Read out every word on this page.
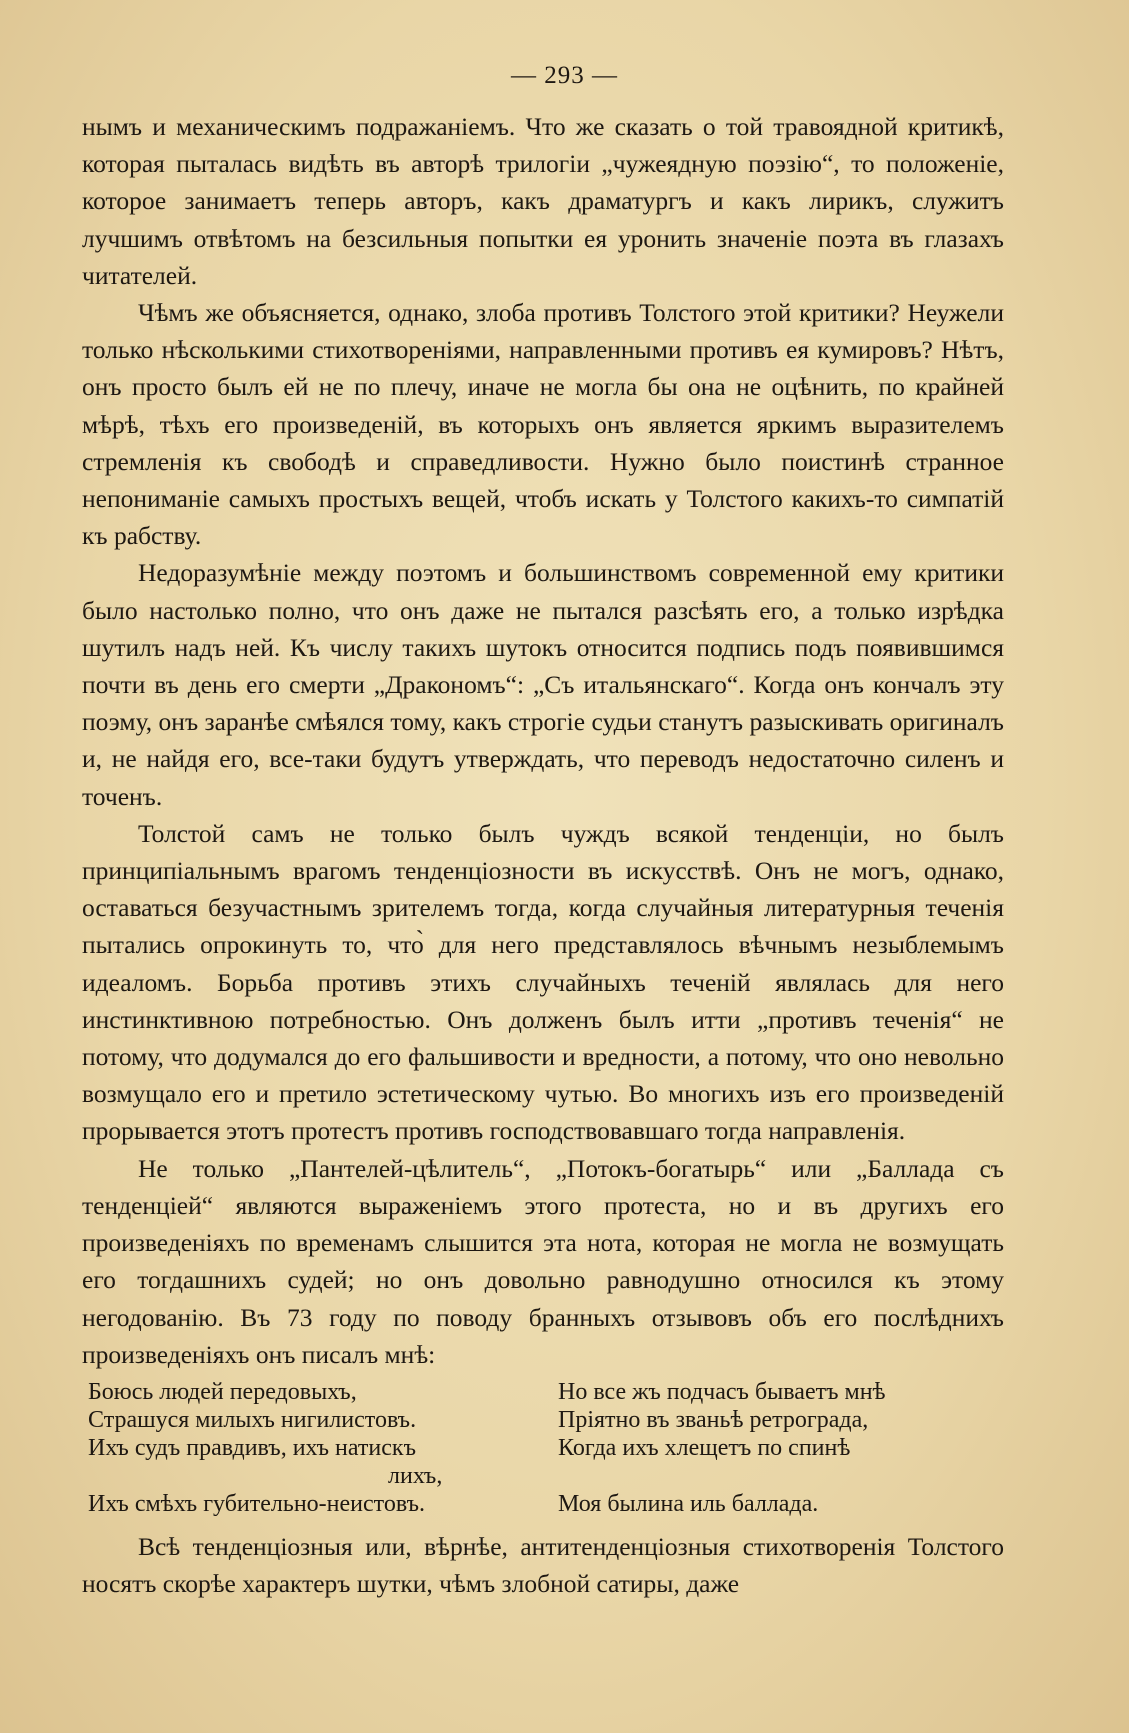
— 293 —

нымъ и механическимъ подражаніемъ. Что же сказать о той травоядной критикѣ, которая пыталась видѣть въ авторѣ трилогіи „чужеядную поэзію“, то положеніе, которое занимаетъ теперь авторъ, какъ драматургъ и какъ лирикъ, служитъ лучшимъ отвѣтомъ на безсильныя попытки ея уронить значеніе поэта въ глазахъ читателей.

Чѣмъ же объясняется, однако, злоба противъ Толстого этой критики? Неужели только нѣсколькими стихотвореніями, направленными противъ ея кумировъ? Нѣтъ, онъ просто былъ ей не по плечу, иначе не могла бы она не оцѣнить, по крайней мѣрѣ, тѣхъ его произведеній, въ которыхъ онъ является яркимъ выразителемъ стремленія къ свободѣ и справедливости. Нужно было поистинѣ странное непониманіе самыхъ простыхъ вещей, чтобъ искать у Толстого какихъ-то симпатій къ рабству.

Недоразумѣніе между поэтомъ и большинствомъ современной ему критики было настолько полно, что онъ даже не пытался разсѣять его, а только изрѣдка шутилъ надъ ней. Къ числу такихъ шутокъ относится подпись подъ появившимся почти въ день его смерти „Дракономъ“: „Съ итальянскаго“. Когда онъ кончалъ эту поэму, онъ заранѣе смѣялся тому, какъ строгіе судьи станутъ разыскивать оригиналъ и, не найдя его, все-таки будутъ утверждать, что переводъ недостаточно силенъ и точенъ.

Толстой самъ не только былъ чуждъ всякой тенденціи, но былъ принципіальнымъ врагомъ тенденціозности въ искусствѣ. Онъ не могъ, однако, оставаться безучастнымъ зрителемъ тогда, когда случайныя литературныя теченія пытались опрокинуть то, что̀ для него представлялось вѣчнымъ незыблемымъ идеаломъ. Борьба противъ этихъ случайныхъ теченій являлась для него инстинктивною потребностью. Онъ долженъ былъ итти „противъ теченія“ не потому, что додумался до его фальшивости и вредности, а потому, что оно невольно возмущало его и претило эстетическому чутью. Во многихъ изъ его произведеній прорывается этотъ протестъ противъ господствовавшаго тогда направленія.

Не только „Пантелей-цѣлитель“, „Потокъ-богатырь“ или „Баллада съ тенденціей“ являются выраженіемъ этого протеста, но и въ другихъ его произведеніяхъ по временамъ слышится эта нота, которая не могла не возмущать его тогдашнихъ судей; но онъ довольно равнодушно относился къ этому негодованію. Въ 73 году по поводу бранныхъ отзывовъ объ его послѣднихъ произведеніяхъ онъ писалъ мнѣ:

Боюсь людей передовыхъ,
Страшуся милыхъ нигилистовъ.
Ихъ судъ правдивъ, ихъ натискъ
лихъ,
Ихъ смѣхъ губительно-неистовъ.
Но все жъ подчасъ бываетъ мнѣ
Пріятно въ званьѣ ретрограда,
Когда ихъ хлещетъ по спинѣ
Моя былина иль баллада.

Всѣ тенденціозныя или, вѣрнѣе, антитенденціозныя стихотворенія Толстого носятъ скорѣе характеръ шутки, чѣмъ злобной сатиры, даже
